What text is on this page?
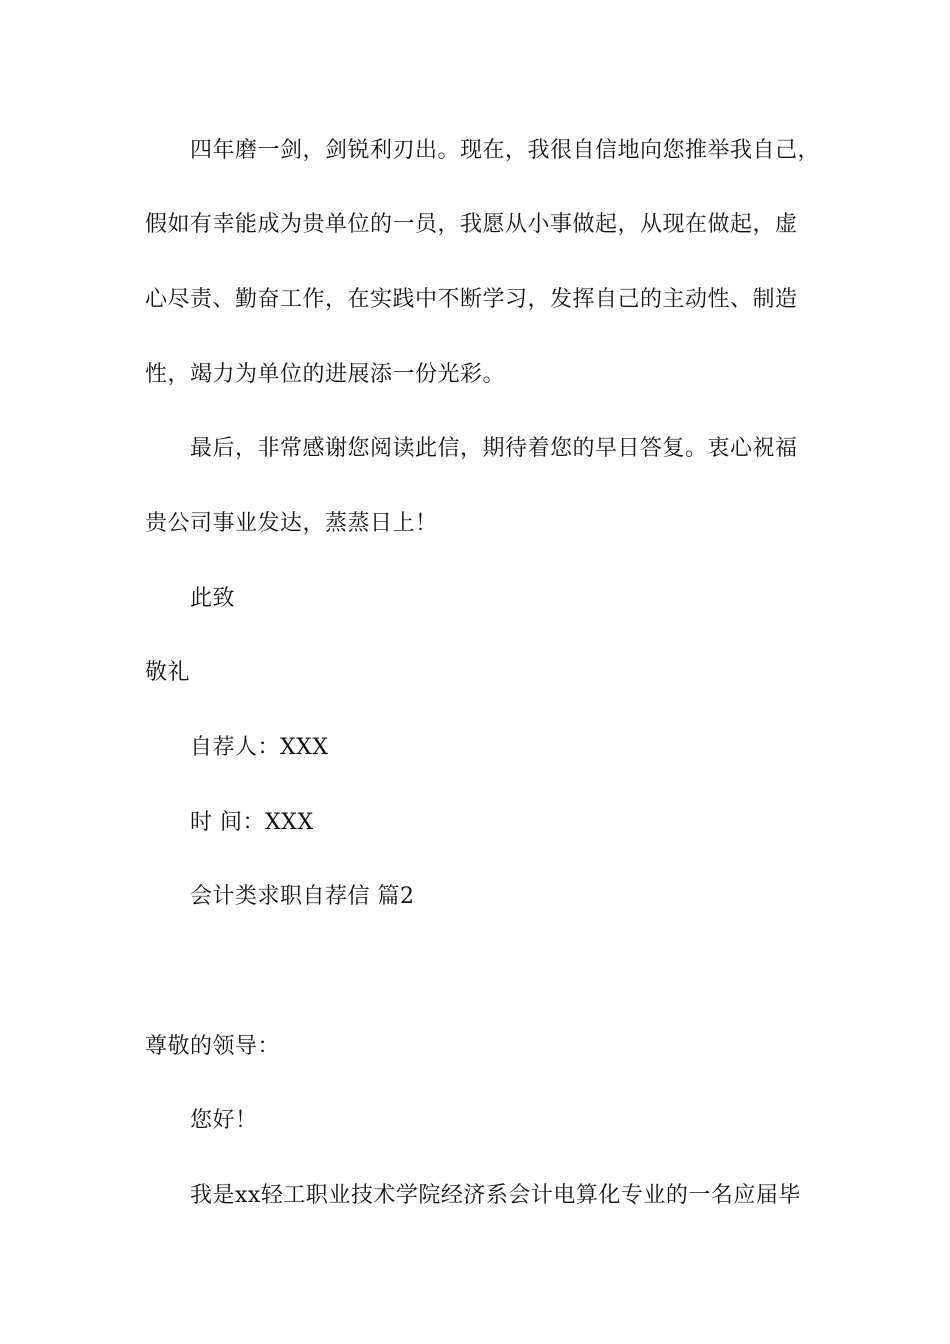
四年磨一剑，剑锐利刃出。现在，我很自信地向您推举我自己，
假如有幸能成为贵单位的一员，我愿从小事做起，从现在做起，虚
心尽责、勤奋工作，在实践中不断学习，发挥自己的主动性、制造
性，竭力为单位的进展添一份光彩。
最后，非常感谢您阅读此信，期待着您的早日答复。衷心祝福
贵公司事业发达，蒸蒸日上！
此致
敬礼
自荐人：XXX
时 间：XXX
会计类求职自荐信 篇2
尊敬的领导：
您好！
我是xx轻工职业技术学院经济系会计电算化专业的一名应届毕
